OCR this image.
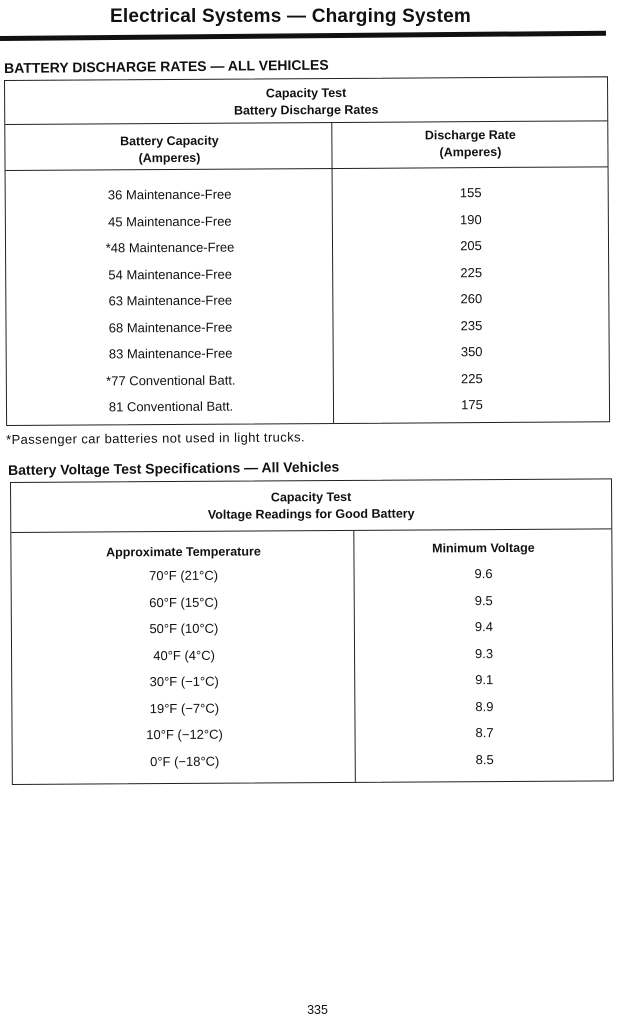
Electrical Systems — Charging System
BATTERY DISCHARGE RATES — ALL VEHICLES
Capacity Test
Battery Discharge Rates
Battery Capacity
(Amperes)
Discharge Rate
(Amperes)
36 Maintenance-Free	155
45 Maintenance-Free	190
*48 Maintenance-Free	205
54 Maintenance-Free	225
63 Maintenance-Free	260
68 Maintenance-Free	235
83 Maintenance-Free	350
*77 Conventional Batt.	225
81 Conventional Batt.	175
*Passenger car batteries not used in light trucks.
Battery Voltage Test Specifications — All Vehicles
Capacity Test
Voltage Readings for Good Battery
Approximate Temperature	Minimum Voltage
70°F (21°C)	9.6
60°F (15°C)	9.5
50°F (10°C)	9.4
40°F (4°C)	9.3
30°F (−1°C)	9.1
19°F (−7°C)	8.9
10°F (−12°C)	8.7
0°F (−18°C)	8.5
335
